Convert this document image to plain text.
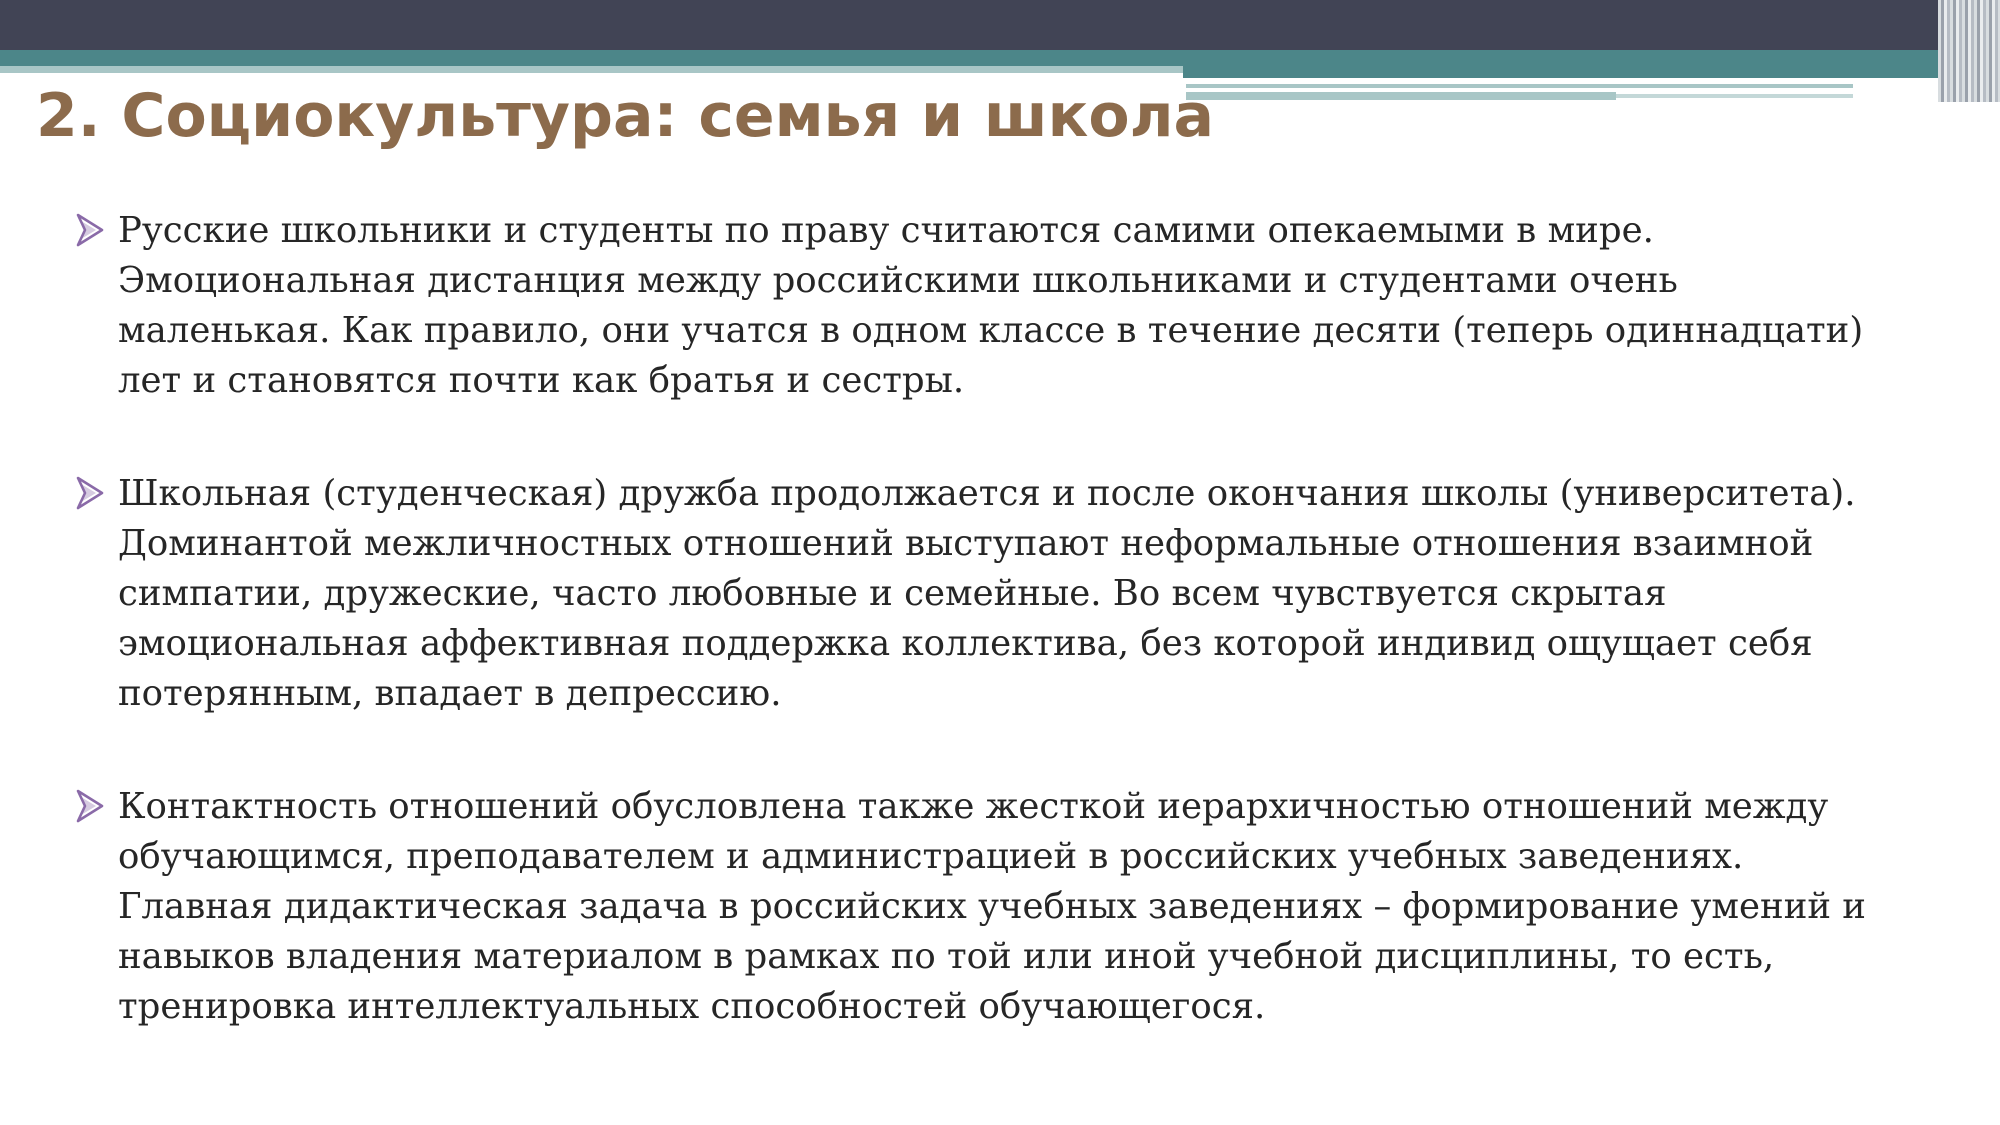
2. Социокультура: семья и школа
Русские школьники и студенты по праву считаются самими опекаемыми в мире.
Эмоциональная дистанция между российскими школьниками и студентами очень
маленькая. Как правило, они учатся в одном классе в течение десяти (теперь одиннадцати)
лет и становятся почти как братья и сестры.
Школьная (студенческая) дружба продолжается и после окончания школы (университета).
Доминантой межличностных отношений выступают неформальные отношения взаимной
симпатии, дружеские, часто любовные и семейные. Во всем чувствуется скрытая
эмоциональная аффективная поддержка коллектива, без которой индивид ощущает себя
потерянным, впадает в депрессию.
Контактность отношений обусловлена также жесткой иерархичностью отношений между
обучающимся, преподавателем и администрацией в российских учебных заведениях.
Главная дидактическая задача в российских учебных заведениях – формирование умений и
навыков владения материалом в рамках по той или иной учебной дисциплины, то есть,
тренировка интеллектуальных способностей обучающегося.
